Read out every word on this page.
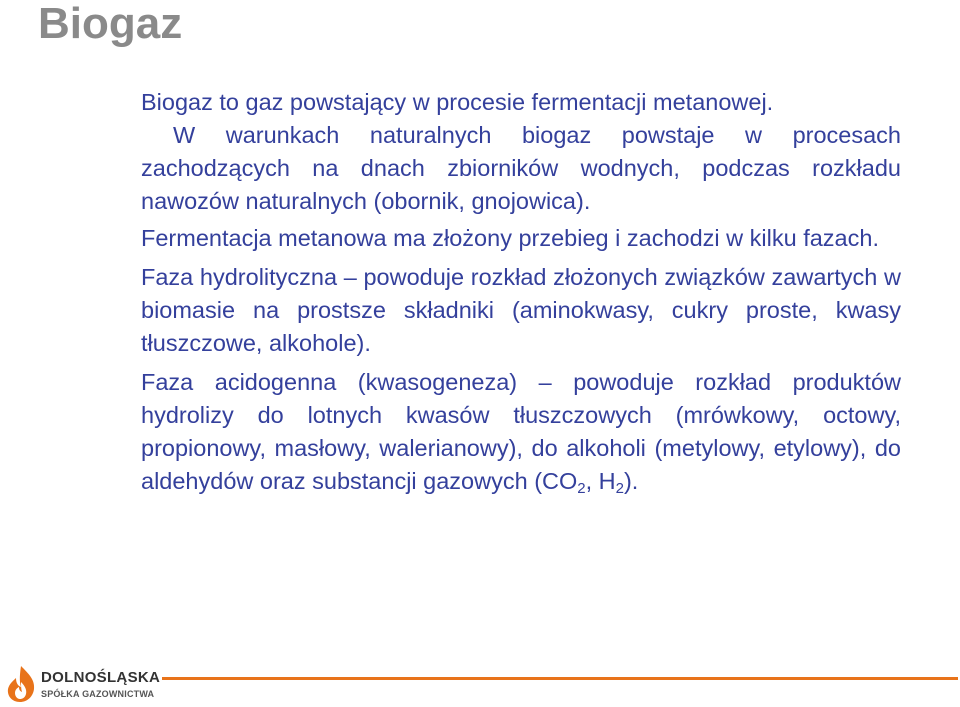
Biogaz

Biogaz to gaz powstający w procesie fermentacji metanowej.

W warunkach naturalnych biogaz powstaje w procesach zachodzących na dnach zbiorników wodnych, podczas rozkładu nawozów naturalnych (obornik, gnojowica).

Fermentacja metanowa ma złożony przebieg i zachodzi w kilku fazach.

Faza hydrolityczna – powoduje rozkład złożonych związków zawartych w biomasie na prostsze składniki (aminokwasy, cukry proste, kwasy tłuszczowe, alkohole).

Faza acidogenna (kwasogeneza) – powoduje rozkład produktów hydrolizy do lotnych kwasów tłuszczowych (mrówkowy, octowy, propionowy, masłowy, walerianowy), do alkoholi (metylowy, etylowy), do aldehydów oraz substancji gazowych ($CO_2$, $H_2$).

DOLNOŚLĄSKA
SPÓŁKA GAZOWNICTWA
